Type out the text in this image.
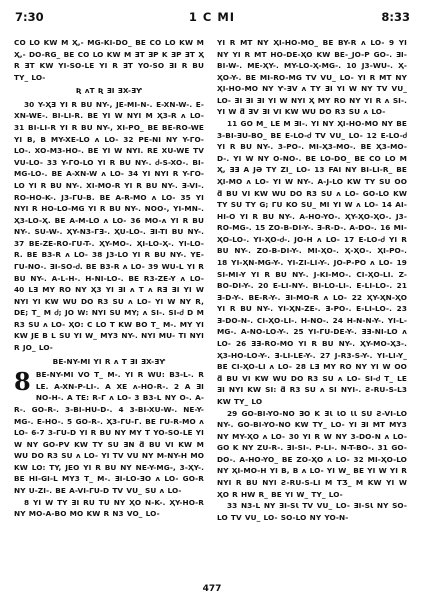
7:30	1 C MI	8:33

CO LO KW M Ҳ,- MG-KI-DO_ BE CO LO KW M Ҳ,- DO-RG_ BE CO LO KW M ƎT ƎP K ƎP ƎT Ҳ R ƎT KW YI-SO-LE YI R ƎT YO-SO ƎI R BU TY_ LO-

Ʀ ʌT Ʀ ƎI ƎX-ƎƳ

30 Y-ҲƎ YI R BU NY-, JE-MI-N-. E-XN-W-. E-XN-WE-. BI-LI-R. BE YI W NYI M Ҳ3-R ʌ LO- 31 BI-LI-R YI R BU NY-, XI-PO_ BE BE-RO-WE YI B, B MY-XE-LO ʌ LO- 32 PE-NI NY Y-ГО-LO-. XO-M3-HO-. BE YI W NYI. RE XU-WE TV VU-LO- 33 Y-ГО-LO YI R BU NY-. Ꮷ-S-XO-. BI-MG-LO-. BE A-XN-W ʌ LO- 34 YI NYI R Y-ГО-LO YI R BU NY-. XI-MO-R YI R BU NY-. Ǝ-VI-. RO-HO-K-. Ј3-ГU-B. BE A-R-MO ʌ LO- 35 YI NYI R HO-LO-MG YI R BU NY-. NOO-, YI-MN-. Ҳ3-LO-Ҳ. BE A-M-LO ʌ LO- 36 MO-ʌ YI R BU NY-. SU-W-. ҲY-N3-ГƎ-. ҲU-LO-. ƎI-TI BU NY-. 37 BE-ZE-RO-ГU-T-. ҲY-MO-. ҲI-LO-Ҳ-. YI-LO-R. BE B3-R ʌ LO- 38 Ј3-LO YI R BU NY-. YE-ГU-NO-. ƎI-SO-Ꮷ. BE B3-R ʌ LO- 39 WU-L YI R BU NY-. A-L-H-. H-NI-LO-. BE R3-ZE-Y ʌ LO- 40 LƎ MY RO NY Ҳ3 YI ƎI ʌ T ʌ RƎ ƎI YI W NYI YI KW WU DO R3 SU ʌ LO- YI W NY R, DE; T_ M Ꮷ; JO W: NYI SU MY; ʌ SI-. SI-Ꮷ D M R3 SU ʌ LO- ҲO: C LO T KW BO T_ M-. MY YI KW JE B L SU YI W_ MY3 NY-. NYI MU- TI NYI R JO_ LO-

BE-NY-MI YI R ʌ T ƎI ƎX-ƎƳ
8 BE-NY-MI VO T_ M-. YI R WU: B3-L-. R LE. A-XN-P-LI-. A XE ʌ-HO-R-. 2 A ƎI NO-H-. A TE: R-Г ʌ LO- 3 B3-L NY O-. A-R-. GO-R-. 3-BI-HU-D-. 4 3-BI-XU-W-. NE-Y-MG-. E-HO-. 5 GO-R-. Ҳ3-ГU-Г. BE ГU-R-MO ʌ LO- 6-7 3-ГU-D YI R BU NY MY T YO-SO-LE YI W NY GO-PV KW TY SU ƎN ƌ BU VI KW M WU DO R3 SU ʌ LO- YI TV VU NY M-NY-H MO KW LO: TY, ЈEO YI R BU NY NE-Y-MG-, 3-ҲY-. BE HI-GI-L MY3 T_ M-. ƎI-LO-ƎO ʌ LO- GO-R NY U-ZI-. BE A-VI-ГU-D TV VU_ SU ʌ LO-

8 YI W TY ƎI RU TU NY ҲO N-K-. ҲY-HO-R NY MO-A-BO MO KW R N3 VO_ LO-

YI R MT NY ҲI-HO-MO_ BE BY-R ʌ LO- 9 YI NY YI R MT HO-DE-ҲO KW BE-_JO-P GO-. ƎI-BI-W-. ME-ҲY-. MY-LO-Ҳ-MG-. 10 Ј3-WU-. Ҳ-ҲO-Y-. BE MI-RO-MG TV VU_ LO- YI R MT NY ҲI-HO-MO NY Ƴ-ƎV ʌ TY ƎI YI W NY TV VU_ LO- ƎI ƎI ƎI YI W NYI Ҳ MY RO NY YI R ʌ SI-. YI W ƌ ƎV ƎI VI KW WU DO R3 SU ʌ LO-

11 GO M_ LE M ƎI-. YI NY ҲI-HO-MO NY BE 3-BI-ƎU-BO_ BE E-LO-Ꮷ TV VU_ LO- 12 E-LO-Ꮷ YI R BU NY-. 3-PO-. MI-Ҳ3-MO-. BE Ҳ3-MO-D-. YI W NY O-NO-. BE LO-DO_ BE CO LO M Ҳ, ƎƎ A JƏ TY ZI_ LO- 13 FAI NY BI-LI-R_ BE ҲI-MO ʌ LO- YI W NY-. A-Ј-LO KW TY SU OO ƌ BU VI KW WU DO R3 SU ʌ LO- GO-LO KW TY SU TY G; ГU KO SU_ MI YI W ʌ LO- 14 AI-HI-O YI R BU NY-. A-HO-YO-. ҲY-ҲO-ҲO-. Ј3-RO-MG-. 15 ZO-B-DI-Y-. Ǝ-R-D-. A-DO-. 16 MI-ҲO-LO-. YI-ҲO-Ꮷ-. JO-H ʌ LO- 17 E-LO-Ꮷ YI R BU NY-. ZO-B-DI-Y-. MI-ҲO-. Ҳ-ҲO-. ҲI-PO-. 18 YI-ҲN-MG-Y-. YI-ZI-LI-Y-. JO-P-PO ʌ LO- 19 SI-MI-Y YI R BU NY-. Ј-KI-MO-. CI-ҲO-LI. Z-BO-DI-Y-. 20 E-LI-NY-. BI-LO-LI-. E-LI-LO-. 21 Ǝ-D-Y-. BE-R-Y-. ƎI-MO-R ʌ LO- 22 ҲY-ҲN-ҲO YI R BU NY-. YI-ҲN-ZE-. Ǝ-PO-. E-LI-LO-. 23 Ǝ-DO-N-. CI-ҲO-LI-. H-NO-. 24 H-N-N-Y-. YI-L-MG-. A-NO-LO-Y-. 25 YI-ГU-DE-Y-. ƎƎ-NI-LO ʌ LO- 26 ƎƎ-RO-MO YI R BU NY-. ҲY-MO-Ҳ3-. Ҳ3-HO-LO-Y-. Ǝ-LI-LE-Y-. 27 Ј-R3-S-Y-. YI-LI-Y_ BE CI-ҲO-LI ʌ LO- 28 LƎ MY RO NY YI W OO ƌ BU VI KW WU DO R3 SU ʌ LO- SI-Ꮷ T_ LE ƎI NYI KW SI: ƌ R3 SU ʌ SI NYI-. Ƨ-RU-S-L3 KW TY_ LO

29 GO-BI-YO-NO ƎO K ƎƖ ƖO ƖƖ SU Ƨ-VI-LO NY-. GO-BI-YO-NO KW TY_ LO- YI ƎI MT MY3 NY MY-ҲO ʌ LO- 30 YI R W NY 3-DO-N ʌ LO- GO K NY ZU-R-. ƎI-SI-. P-LI-. N-T-BO-. 31 GO-DO-. A-HO-YO_ BE ZO-ҲO ʌ LO- 32 MI-ҲO-LO NY ҲI-MO-H YI B, B ʌ LO- YI W_ BE YI W YI R NYI R BU NYI Ƨ-RU-S-LI M TƷ_ M KW YI W ҲO R HW R_ BE YI W_ TY_ LO-

33 N3-L NY ƎI-SƖ TV VU_ LO- ƎI-SƖ NY SO-LO TV VU_ LO- SO-LO NY YO-N-

477
